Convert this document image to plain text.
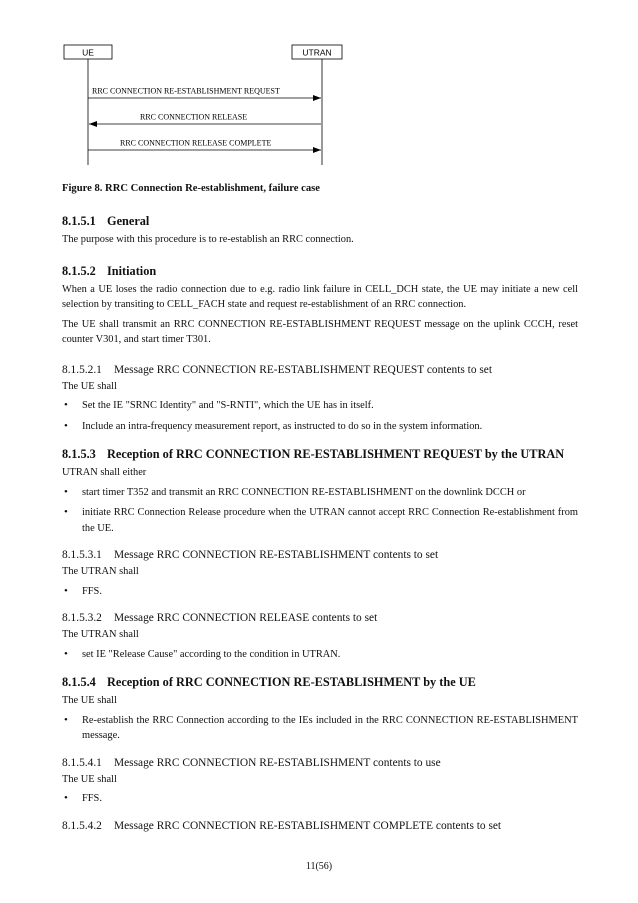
UE	UTRAN
RRC CONNECTION RE-ESTABLISHMENT REQUEST
RRC CONNECTION RELEASE
RRC CONNECTION RELEASE COMPLETE
Figure 8. RRC Connection Re-establishment, failure case
8.1.5.1 General

The purpose with this procedure is to re-establish an RRC connection.

8.1.5.2 Initiation

When a UE loses the radio connection due to e.g. radio link failure in CELL_DCH state, the UE may initiate a new cell selection by transiting to CELL_FACH state and request re-establishment of an RRC connection.

The UE shall transmit an RRC CONNECTION RE-ESTABLISHMENT REQUEST message on the uplink CCCH, reset counter V301, and start timer T301.

8.1.5.2.1 Message RRC CONNECTION RE-ESTABLISHMENT REQUEST contents to set

The UE shall

• Set the IE "SRNC Identity" and "S-RNTI", which the UE has in itself.
• Include an intra-frequency measurement report, as instructed to do so in the system information.
8.1.5.3 Reception of RRC CONNECTION RE-ESTABLISHMENT REQUEST by the UTRAN

UTRAN shall either

• start timer T352 and transmit an RRC CONNECTION RE-ESTABLISHMENT on the downlink DCCH or
• initiate RRC Connection Release procedure when the UTRAN cannot accept RRC Connection Re-establishment from the UE.
8.1.5.3.1 Message RRC CONNECTION RE-ESTABLISHMENT contents to set

The UTRAN shall

• FFS.
8.1.5.3.2 Message RRC CONNECTION RELEASE contents to set

The UTRAN shall

• set IE "Release Cause" according to the condition in UTRAN.
8.1.5.4 Reception of RRC CONNECTION RE-ESTABLISHMENT by the UE

The UE shall

• Re-establish the RRC Connection according to the IEs included in the RRC CONNECTION RE-ESTABLISHMENT message.
8.1.5.4.1 Message RRC CONNECTION RE-ESTABLISHMENT contents to use

The UE shall

• FFS.
8.1.5.4.2 Message RRC CONNECTION RE-ESTABLISHMENT COMPLETE contents to set
11(56)
